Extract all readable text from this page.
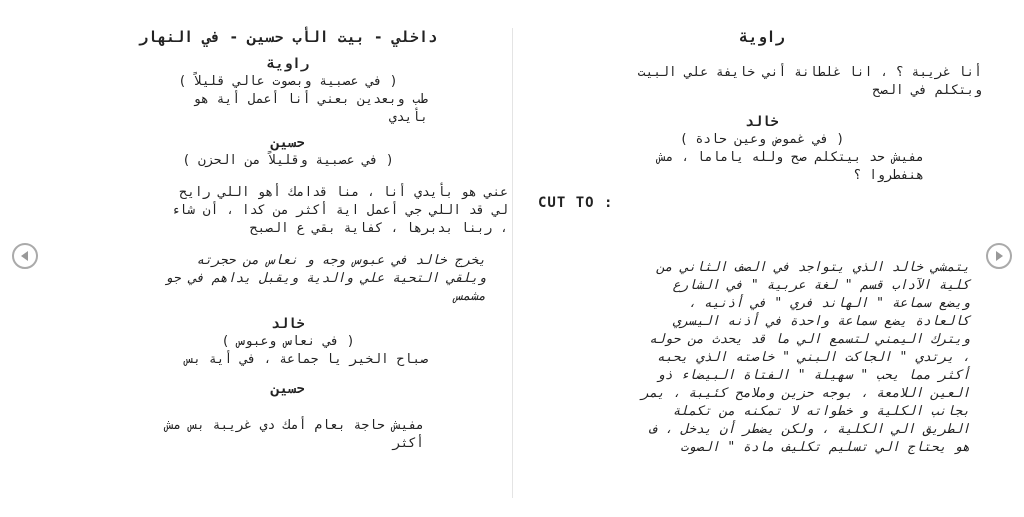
داخلي - بيت الأب حسين - في النهار
راوية
( في عصبية وبصوت عالي قليلاً )
طب وبعدين بعني أنا أعمل أية هو
بأيدي
حسين
( في عصبية وقليلاً من الحزن )
عني هو بأيدي أنا ، منا قدامك أهو اللي رايح
لي قد اللي جي أعمل اية أكثر من كدا ، أن شاء
، ربنا بدبرها ، كفاية بقي ع الصبح
يخرج خالد في عبوس وجه و نعاس من حجرته
ويلقي التحية علي والدية ويقبل يداهم في جو
مشمس
خالد
( في نعاس وعبوس )
صباح الخير يا جماعة ، في أية بس
حسين
مفيش حاجة بعام أمك دي غريبة بس مش
أكثر
راوية
أنا غريبة ؟ ، انا غلطانة أني خايفة علي البيت
وبتكلم في الصح
خالد
( في غموض وعين حادة )
مفيش حد بيتكلم صح ولله ياماما ، مش
هنفطروا ؟
CUT TO :
يتمشي خالد الذي يتواجد في الصف الثاني من
كلية الآداب قسم " لغة عربية " في الشارع
ويضع سماعة " الهاند فري " في أذنيه ،
كالعادة يضع سماعة واحدة في أذنه اليسري
ويترك اليمني لتسمع الي ما قد يحدث من حوله
، يرتدي " الجاكت البني " خاصته الذي يحبه
أكثر مما يحب " سهيلة " الفتاة البيضاء ذو
العين اللامعة ، بوجه حزين وملامح كئيبة ، يمر
بجانب الكلية و خطواته لا تمكنه من تكملة
الطريق الي الكلية ، ولكن يضطر أن يدخل ، ف
هو يحتاج الي تسليم تكليف مادة " الصوت
